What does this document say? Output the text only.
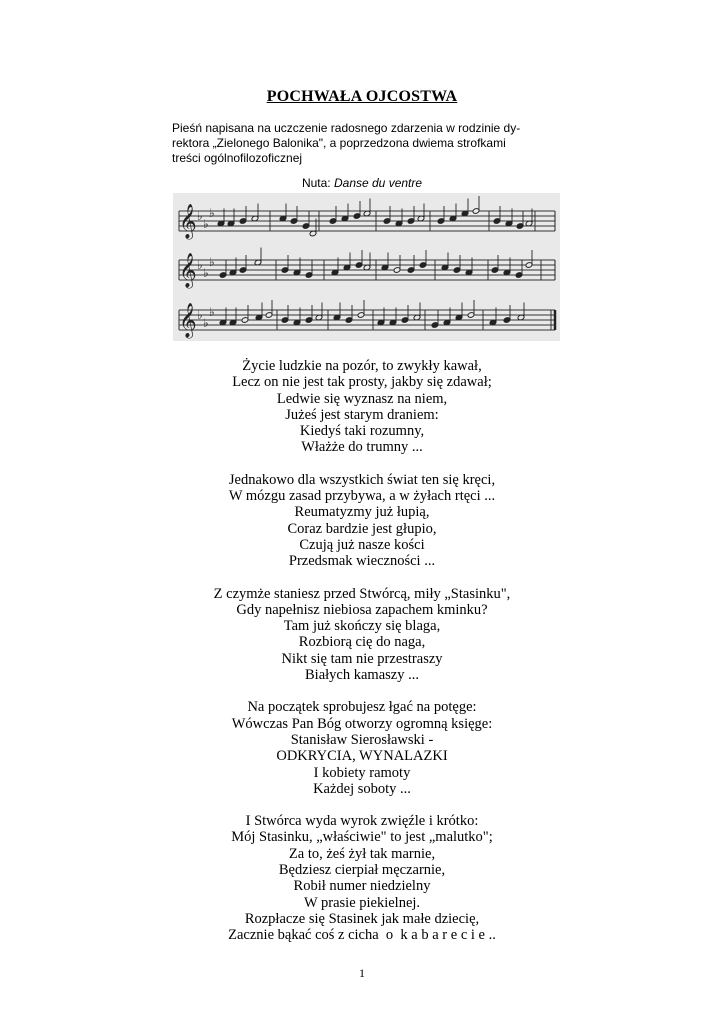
POCHWAŁA OJCOSTWA
Pieśń napisana na uczczenie radosnego zdarzenia w rodzinie dy-
rektora „Zielonego Balonika", a poprzedzona dwiema strofkami
treści ogólnofilozoficznej
Nuta: Danse du ventre
𝄞 ♭
♭
♭
𝄞 ♭
♭
♭
𝄞 ♭
♭
♭
Życie ludzkie na pozór, to zwykły kawał,
Lecz on nie jest tak prosty, jakby się zdawał;
Ledwie się wyznasz na niem,
Jużeś jest starym draniem:
Kiedyś taki rozumny,
Włażże do trumny ...
Jednakowo dla wszystkich świat ten się kręci,
W mózgu zasad przybywa, a w żyłach rtęci ...
Reumatyzmy już łupią,
Coraz bardzie jest głupio,
Czują już nasze kości
Przedsmak wieczności ...
Z czymże staniesz przed Stwórcą, miły „Stasinku",
Gdy napełnisz niebiosa zapachem kminku?
Tam już skończy się blaga,
Rozbiorą cię do naga,
Nikt się tam nie przestraszy
Białych kamaszy ...
Na początek sprobujesz łgać na potęge:
Wówczas Pan Bóg otworzy ogromną księge:
Stanisław Sierosławski -
ODKRYCIA, WYNALAZKI
I kobiety ramoty
Każdej soboty ...
I Stwórca wyda wyrok zwięźle i krótko:
Mój Stasinku, „właściwie" to jest „malutko";
Za to, żeś żył tak marnie,
Będziesz cierpiał męczarnie,
Robił numer niedzielny
W prasie piekielnej.
Rozpłacze się Stasinek jak małe dziecię,
Zacznie bąkać coś z cicha  o  k a b a r e c i e ..
1
